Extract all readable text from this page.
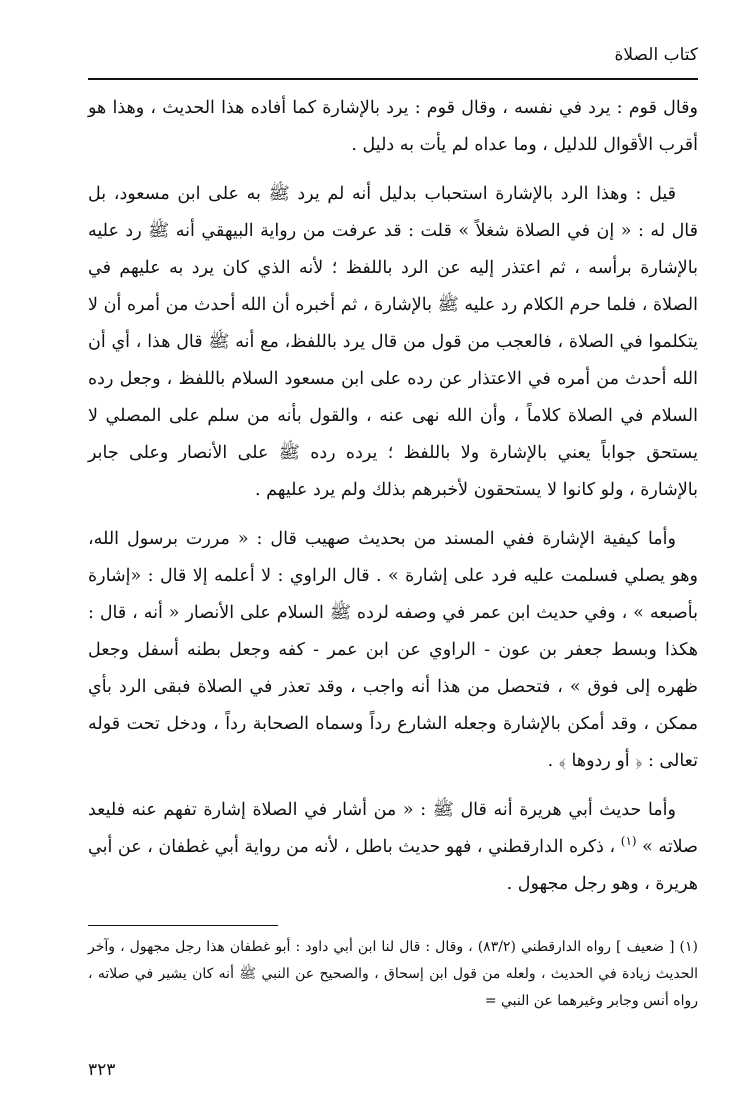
كتاب الصلاة

وقال قوم : يرد في نفسه ، وقال قوم : يرد بالإشارة كما أفاده هذا الحديث ، وهذا هو أقرب الأقوال للدليل ، وما عداه لم يأت به دليل .

قيل : وهذا الرد بالإشارة استحباب بدليل أنه لم يرد ﷺ به على ابن مسعود، بل قال له : « إن في الصلاة شغلاً » قلت : قد عرفت من رواية البيهقي أنه ﷺ رد عليه بالإشارة برأسه ، ثم اعتذر إليه عن الرد باللفظ ؛ لأنه الذي كان يرد به عليهم في الصلاة ، فلما حرم الكلام رد عليه ﷺ بالإشارة ، ثم أخبره أن الله أحدث من أمره أن لا يتكلموا في الصلاة ، فالعجب من قول من قال يرد باللفظ، مع أنه ﷺ قال هذا ، أي أن الله أحدث من أمره في الاعتذار عن رده على ابن مسعود السلام باللفظ ، وجعل رده السلام في الصلاة كلاماً ، وأن الله نهى عنه ، والقول بأنه من سلم على المصلي لا يستحق جواباً يعني بالإشارة ولا باللفظ ؛ يرده رده ﷺ على الأنصار وعلى جابر بالإشارة ، ولو كانوا لا يستحقون لأخبرهم بذلك ولم يرد عليهم .

وأما كيفية الإشارة ففي المسند من بحديث صهيب قال : « مررت برسول الله، وهو يصلي فسلمت عليه فرد على إشارة » . قال الراوي : لا أعلمه إلا قال : «إشارة بأصبعه » ، وفي حديث ابن عمر في وصفه لرده ﷺ السلام على الأنصار « أنه ، قال : هكذا وبسط جعفر بن عون - الراوي عن ابن عمر - كفه وجعل بطنه أسفل وجعل ظهره إلى فوق » ، فتحصل من هذا أنه واجب ، وقد تعذر في الصلاة فبقى الرد بأي ممكن ، وقد أمكن بالإشارة وجعله الشارع رداً وسماه الصحابة رداً ، ودخل تحت قوله تعالى : ﴿ أو ردوها ﴾ .

وأما حديث أبي هريرة أنه قال ﷺ : « من أشار في الصلاة إشارة تفهم عنه فليعد صلاته » $^{(١)}$ ، ذكره الدارقطني ، فهو حديث باطل ، لأنه من رواية أبي غطفان ، عن أبي هريرة ، وهو رجل مجهول .

(١) [ ضعيف ] رواه الدارقطني (٨٣/٢) ، وقال : قال لنا ابن أبي داود : أبو غطفان هذا رجل مجهول ، وآخر الحديث زيادة في الحديث ، ولعله من قول ابن إسحاق ، والصحيح عن النبي ﷺ أنه كان يشير في صلاته ، رواه أنس وجابر وغيرهما عن النبي =

٣٢٣
